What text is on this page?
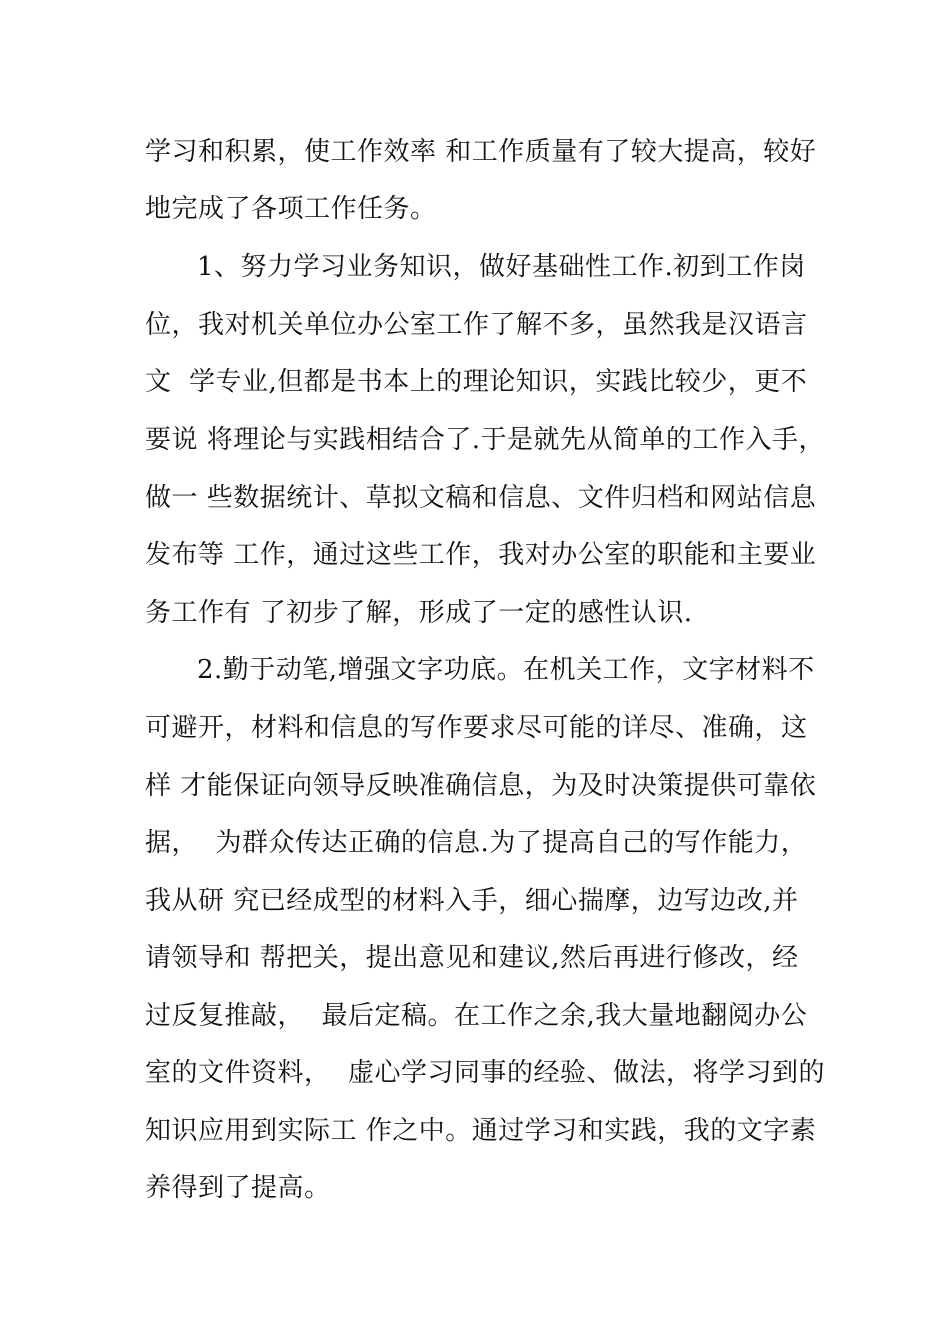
学习和积累，使工作效率 和工作质量有了较大提高，较好
地完成了各项工作任务。
1、努力学习业务知识，做好基础性工作.初到工作岗
位，我对机关单位办公室工作了解不多，虽然我是汉语言
文  学专业,但都是书本上的理论知识，实践比较少，更不
要说 将理论与实践相结合了.于是就先从简单的工作入手，
做一 些数据统计、草拟文稿和信息、文件归档和网站信息
发布等 工作，通过这些工作，我对办公室的职能和主要业
务工作有 了初步了解，形成了一定的感性认识.
2.勤于动笔,增强文字功底。在机关工作，文字材料不
可避开，材料和信息的写作要求尽可能的详尽、准确，这
样 才能保证向领导反映准确信息，为及时决策提供可靠依
据，  为群众传达正确的信息.为了提高自己的写作能力，
我从研 究已经成型的材料入手，细心揣摩，边写边改,并
请领导和 帮把关，提出意见和建议,然后再进行修改，经
过反复推敲，  最后定稿。在工作之余,我大量地翻阅办公
室的文件资料，  虚心学习同事的经验、做法，将学习到的
知识应用到实际工 作之中。通过学习和实践，我的文字素
养得到了提高。
